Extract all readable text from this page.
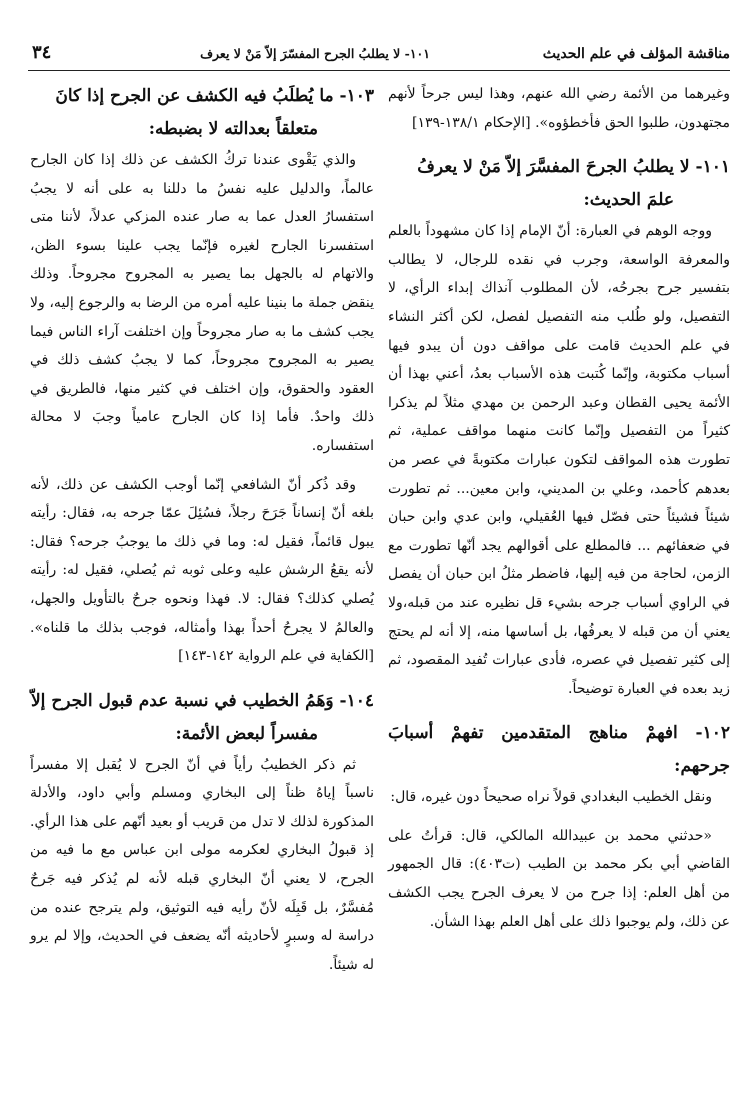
مناقشة المؤلف في علم الحديث
١٠١- لا يطلبُ الجرح المفسّرَ إلاّ مَنْ لا يعرف
٣٤

وغيرهما من الأئمة رضي الله عنهم، وهذا ليس جرحاً لأنهم مجتهدون، طلبوا الحق فأخطؤوه». [الإحكام ١٣٨/١-١٣٩]

١٠١- لا يطلبُ الجرحَ المفسَّرَ إلاّ مَنْ لا يعرفُ
علمَ الحديث:

ووجه الوهم في العبارة: أنّ الإمام إذا كان مشهوداً بالعلم والمعرفة الواسعة، وجرب في نقده للرجال، لا يطالب بتفسير جرح بجرحُه، لأن المطلوب آنذاك إبداء الرأي، لا التفصيل، ولو طُلب منه التفصيل لفصل، لكن أكثر النشاء في علم الحديث قامت على مواقف دون أن يبدو فيها أسباب مكتوبة، وإنّما كُتبت هذه الأسباب بعدُ، أعني بهذا أن الأئمة يحيى القطان وعبد الرحمن بن مهدي مثلاً لم يذكرا كثيراً من التفصيل وإنّما كانت منهما مواقف عملية، ثم تطورت هذه المواقف لتكون عبارات مكتوبةً في عصر من بعدهم كأحمد، وعلي بن المديني، وابن معين... ثم تطورت شيئاً فشيئاً حتى فصّل فيها العُقيلي، وابن عدي وابن حبان في ضعفائهم ... فالمطلع على أقوالهم يجد أنّها تطورت مع الزمن، لحاجة من فيه إليها، فاضطر مثلُ ابن حبان أن يفصل في الراوي أسباب جرحه بشيء قل نظيره عند من قبله،ولا يعني أن من قبله لا يعرفُها، بل أساسها منه، إلا أنه لم يحتج إلى كثير تفصيل في عصره، فأدى عبارات تُفيد المقصود، ثم زيد بعده في العبارة توضيحاً.

١٠٢- افهمْ مناهج المتقدمين تفهمْ أسبابَ جرحهم:

ونقل الخطيب البغدادي قولاً نراه صحيحاً دون غيره، قال:

«حدثني محمد بن عبيدالله المالكي، قال: قرأتُ على القاضي أبي بكر محمد بن الطيب (ت٤٠٣): قال الجمهور من أهل العلم: إذا جرح من لا يعرف الجرح يجب الكشف عن ذلك، ولم يوجبوا ذلك على أهل العلم بهذا الشأن.

١٠٣- ما يُطلَبُ فيه الكشف عن الجرح إذا كانَ
متعلقاً بعدالته لا بضبطه:

والذي يَقْوى عندنا تركُ الكشف عن ذلك إذا كان الجارح عالماً، والدليل عليه نفسُ ما دللنا به على أنه لا يجبُ استفسارُ العدل عما به صار عنده المزكي عدلاً، لأننا متى استفسرنا الجارح لغيره فإنّما يجب علينا بسوء الظن، والاتهام له بالجهل بما يصير به المجروح مجروحاً. وذلك ينقض جملة ما بنينا عليه أمره من الرضا به والرجوع إليه، ولا يجب كشف ما به صار مجروحاً وإن اختلفت آراء الناس فيما يصير به المجروح مجروحاً، كما لا يجبُ كشف ذلك في العقود والحقوق، وإن اختلف في كثير منها، فالطريق في ذلك واحدٌ. فأما إذا كان الجارح عامياً وجبَ لا محالة استفساره.

وقد ذُكر أنّ الشافعي إنّما أوجب الكشف عن ذلك، لأنه بلغه أنّ إنساناً جَرَحَ رجلاً، فسُئِلَ عمّا جرحه به، فقال: رأيته يبول قائماً، فقيل له: وما في ذلك ما يوجبُ جرحه؟ فقال: لأنه يقعُ الرشش عليه وعلى ثوبه ثم يُصلي، فقيل له: رأيته يُصلي كذلك؟ فقال: لا. فهذا ونحوه جرحٌ بالتأويل والجهل، والعالمُ لا يجرحُ أحداً بهذا وأمثاله، فوجب بذلك ما قلناه». [الكفاية في علم الرواية ١٤٢-١٤٣]

١٠٤- وَهَمُ الخطيب في نسبة عدم قبول الجرح إلاّ
مفسراً لبعض الأئمة:

ثم ذكر الخطيبُ رأياً في أنّ الجرح لا يُقبل إلا مفسراً ناسباً إياهُ ظناً إلى البخاري ومسلم وأبي داود، والأدلة المذكورة لذلك لا تدل من قريب أو بعيد أنّهم على هذا الرأي. إذ قبولُ البخاري لعكرمه مولى ابن عباس مع ما فيه من الجرح، لا يعني أنّ البخاري قبله لأنه لم يُذكر فيه جَرحٌ مُفسَّرٌ، بل قَبِلَه لأنّ رأيه فيه التوثيق، ولم يترجح عنده من دراسة له وسبرٍ لأحاديثه أنّه يضعف في الحديث، وإلا لم يرو له شيئاً.
